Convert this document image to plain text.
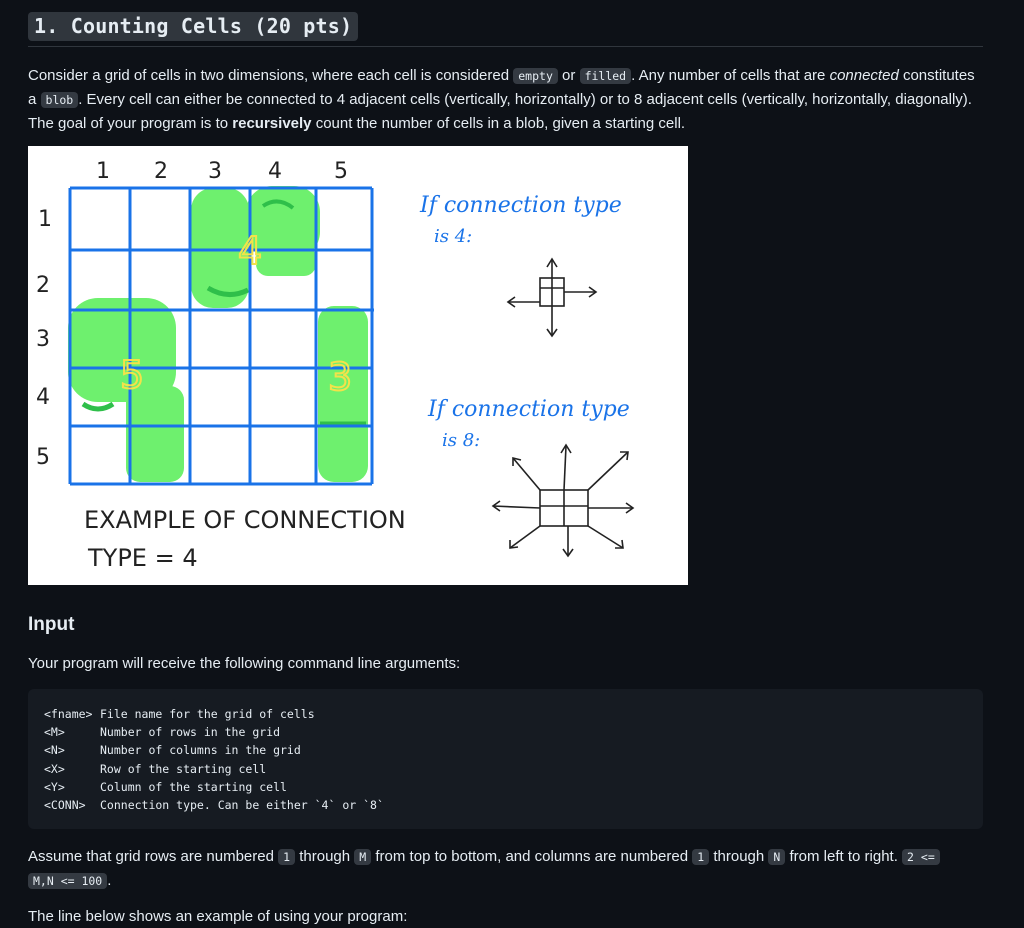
1. Counting Cells (20 pts)
Consider a grid of cells in two dimensions, where each cell is considered empty or filled . Any number of cells that are connected constitutes
a blob . Every cell can either be connected to 4 adjacent cells (vertically, horizontally) or to 8 adjacent cells (vertically, horizontally, diagonally).
The goal of your program is to recursively count the number of cells in a blob, given a starting cell.
1 2 3 4 5
1
2
3
4
5
4
5	3
If connection type
is 4:
If connection type
is 8:
EXAMPLE OF CONNECTION
TYPE = 4
Input
Your program will receive the following command line arguments:
<fname> File name for the grid of cells
<M>	Number of rows in the grid
<N>	Number of columns in the grid
<X>	Row of the starting cell
<Y>	Column of the starting cell
<CONN> Connection type. Can be either `4` or `8`
Assume that grid rows are numbered 1 through M from top to bottom, and columns are numbered 1 through N from left to right. 2 <=
M,N <= 100 .
The line below shows an example of using your program:
